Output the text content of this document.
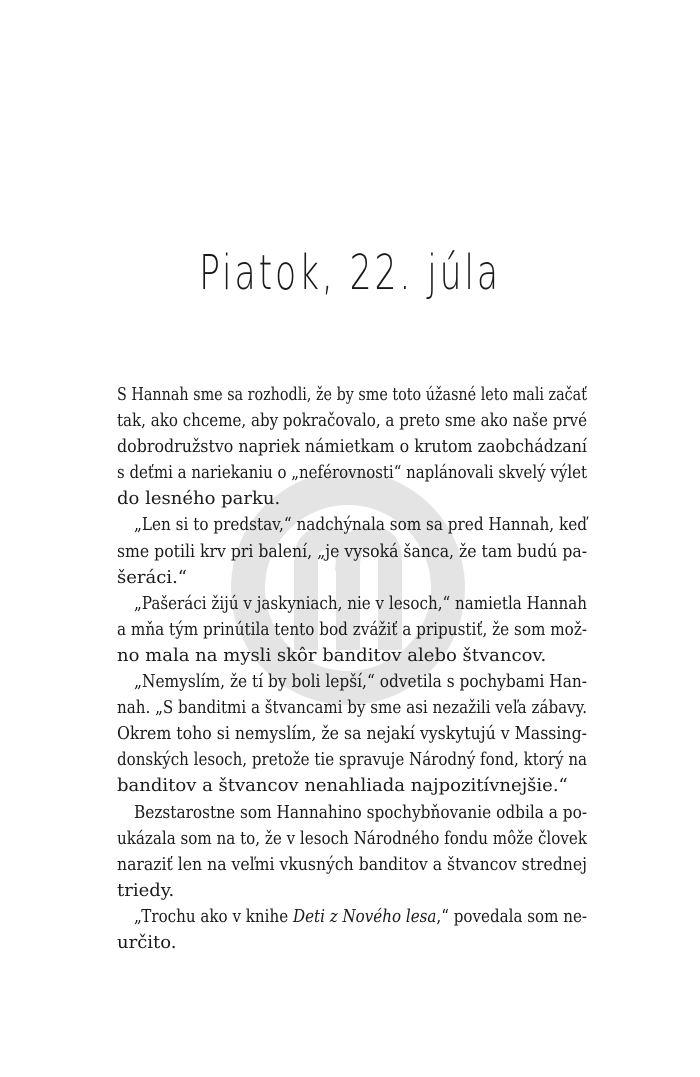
Piatok, 22. júla

S Hannah sme sa rozhodli, že by sme toto úžasné leto mali začať
tak, ako chceme, aby pokračovalo, a preto sme ako naše prvé
dobrodružstvo napriek námietkam o krutom zaobchádzaní
s deťmi a nariekaniu o „neférovnosti“ naplánovali skvelý výlet
do lesného parku.

„Len si to predstav,“ nadchýnala som sa pred Hannah, keď
sme potili krv pri balení, „je vysoká šanca, že tam budú pa-
šeráci.“

„Pašeráci žijú v jaskyniach, nie v lesoch,“ namietla Hannah
a mňa tým prinútila tento bod zvážiť a pripustiť, že som mož-
no mala na mysli skôr banditov alebo štvancov.

„Nemyslím, že tí by boli lepší,“ odvetila s pochybami Han-
nah. „S banditmi a štvancami by sme asi nezažili veľa zábavy.
Okrem toho si nemyslím, že sa nejakí vyskytujú v Massing-
donských lesoch, pretože tie spravuje Národný fond, ktorý na
banditov a štvancov nenahliada najpozitívnejšie.“

Bezstarostne som Hannahino spochybňovanie odbila a po-
ukázala som na to, že v lesoch Národného fondu môže človek
naraziť len na veľmi vkusných banditov a štvancov strednej
triedy.

„Trochu ako v knihe Deti z Nového lesa,“ povedala som ne-
určito.
